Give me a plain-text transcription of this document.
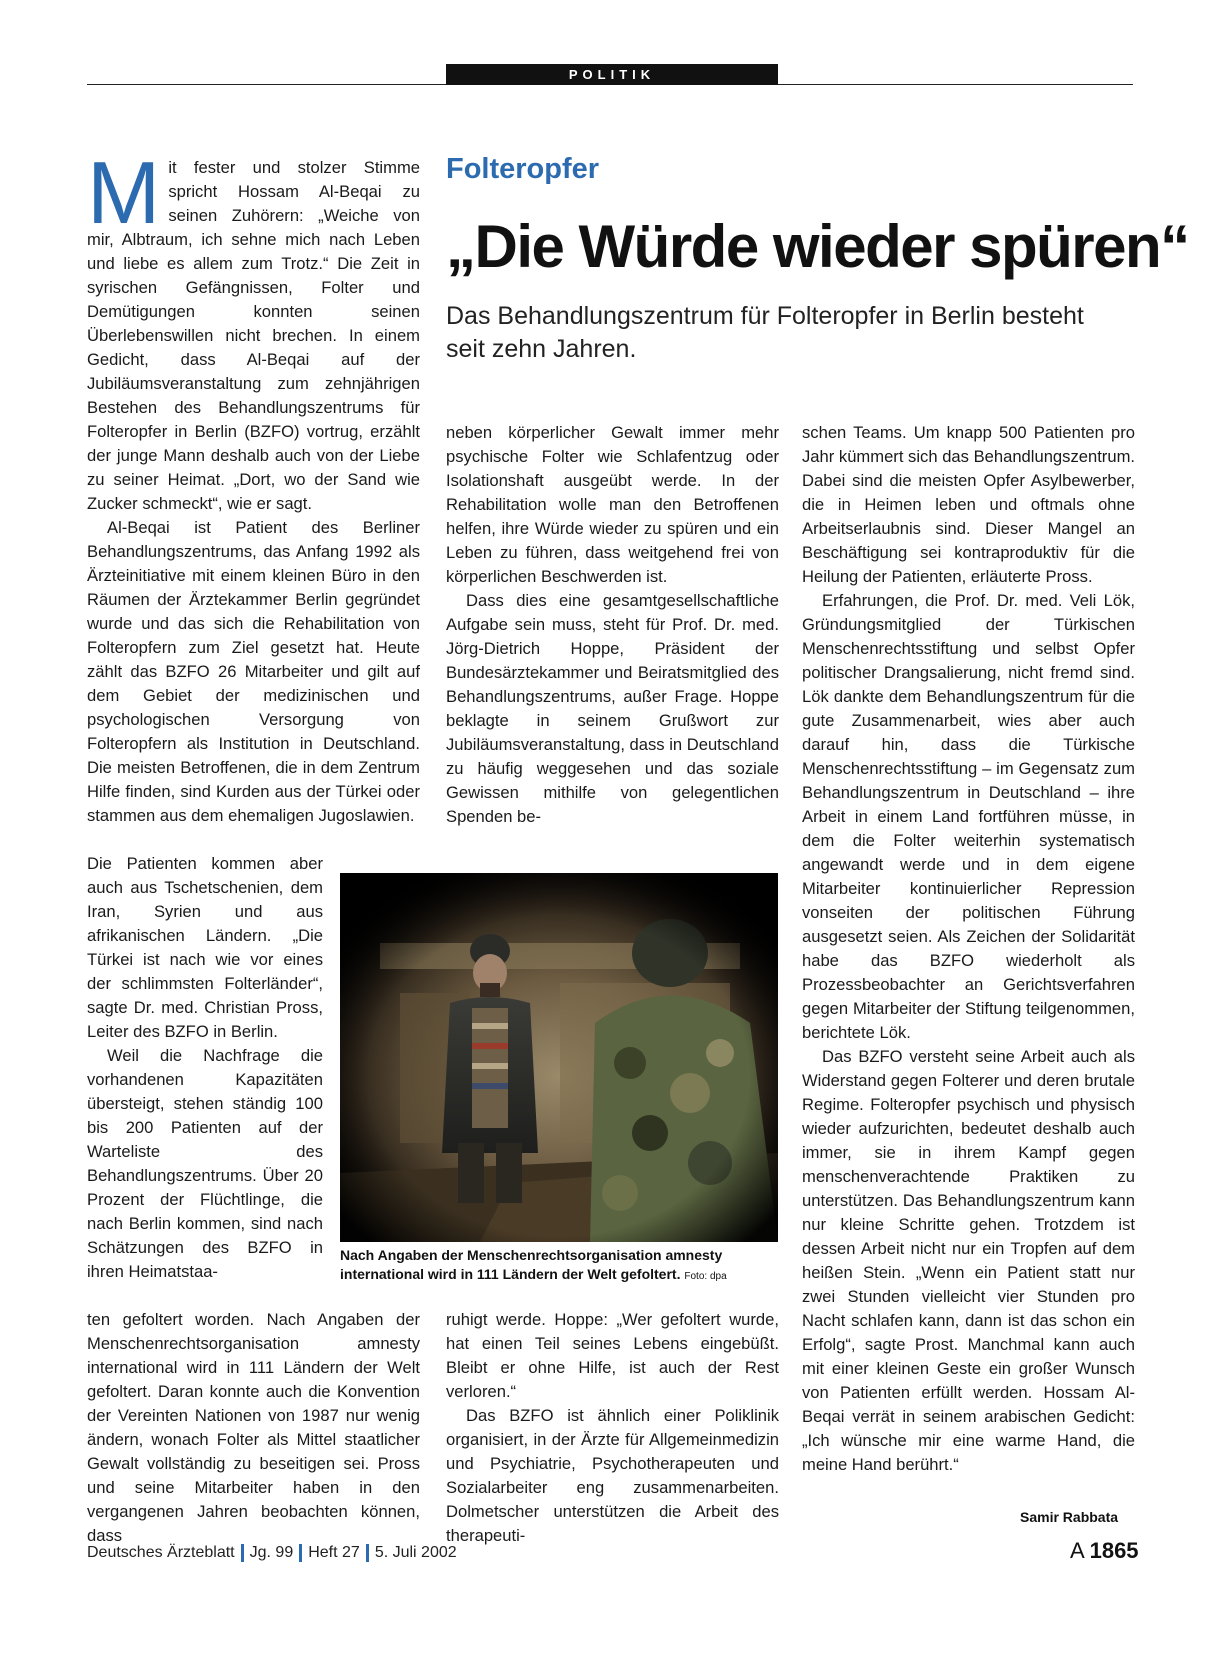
POLITIK
Folteropfer
„Die Würde wieder spüren“
Das Behandlungszentrum für Folteropfer in Berlin besteht seit zehn Jahren.

Mit fester und stolzer Stimme spricht Hossam Al-Beqai zu seinen Zuhörern: „Weiche von mir, Albtraum, ich sehne mich nach Leben und liebe es allem zum Trotz.“ Die Zeit in syrischen Gefängnissen, Folter und Demütigungen konnten seinen Überlebenswillen nicht brechen. In einem Gedicht, dass Al-Beqai auf der Jubiläumsveranstaltung zum zehnjährigen Bestehen des Behandlungszentrums für Folteropfer in Berlin (BZFO) vortrug, erzählt der junge Mann deshalb auch von der Liebe zu seiner Heimat. „Dort, wo der Sand wie Zucker schmeckt“, wie er sagt.

Al-Beqai ist Patient des Berliner Behandlungszentrums, das Anfang 1992 als Ärzteinitiative mit einem kleinen Büro in den Räumen der Ärztekammer Berlin gegründet wurde und das sich die Rehabilitation von Folteropfern zum Ziel gesetzt hat. Heute zählt das BZFO 26 Mitarbeiter und gilt auf dem Gebiet der medizinischen und psychologischen Versorgung von Folteropfern als Institution in Deutschland. Die meisten Betroffenen, die in dem Zentrum Hilfe finden, sind Kurden aus der Türkei oder stammen aus dem ehemaligen Jugoslawien.

Die Patienten kommen aber auch aus Tschetschenien, dem Iran, Syrien und aus afrikanischen Ländern. „Die Türkei ist nach wie vor eines der schlimmsten Folterländer“, sagte Dr. med. Christian Pross, Leiter des BZFO in Berlin.

Weil die Nachfrage die vorhandenen Kapazitäten übersteigt, stehen ständig 100 bis 200 Patienten auf der Warteliste des Behandlungszentrums. Über 20 Prozent der Flüchtlinge, die nach Berlin kommen, sind nach Schätzungen des BZFO in ihren Heimatstaa-

ten gefoltert worden. Nach Angaben der Menschenrechtsorganisation amnesty international wird in 111 Ländern der Welt gefoltert. Daran konnte auch die Konvention der Vereinten Nationen von 1987 nur wenig ändern, wonach Folter als Mittel staatlicher Gewalt vollständig zu beseitigen sei. Pross und seine Mitarbeiter haben in den vergangenen Jahren beobachten können, dass

neben körperlicher Gewalt immer mehr psychische Folter wie Schlafentzug oder Isolationshaft ausgeübt werde. In der Rehabilitation wolle man den Betroffenen helfen, ihre Würde wieder zu spüren und ein Leben zu führen, dass weitgehend frei von körperlichen Beschwerden ist.

Dass dies eine gesamtgesellschaftliche Aufgabe sein muss, steht für Prof. Dr. med. Jörg-Dietrich Hoppe, Präsident der Bundesärztekammer und Beiratsmitglied des Behandlungszentrums, außer Frage. Hoppe beklagte in seinem Grußwort zur Jubiläumsveranstaltung, dass in Deutschland zu häufig weggesehen und das soziale Gewissen mithilfe von gelegentlichen Spenden be-

ruhigt werde. Hoppe: „Wer gefoltert wurde, hat einen Teil seines Lebens eingebüßt. Bleibt er ohne Hilfe, ist auch der Rest verloren.“

Das BZFO ist ähnlich einer Poliklinik organisiert, in der Ärzte für Allgemeinmedizin und Psychiatrie, Psychotherapeuten und Sozialarbeiter eng zusammenarbeiten. Dolmetscher unterstützen die Arbeit des therapeuti-

schen Teams. Um knapp 500 Patienten pro Jahr kümmert sich das Behandlungszentrum. Dabei sind die meisten Opfer Asylbewerber, die in Heimen leben und oftmals ohne Arbeitserlaubnis sind. Dieser Mangel an Beschäftigung sei kontraproduktiv für die Heilung der Patienten, erläuterte Pross.

Erfahrungen, die Prof. Dr. med. Veli Lök, Gründungsmitglied der Türkischen Menschenrechtsstiftung und selbst Opfer politischer Drangsalierung, nicht fremd sind. Lök dankte dem Behandlungszentrum für die gute Zusammenarbeit, wies aber auch darauf hin, dass die Türkische Menschenrechtsstiftung – im Gegensatz zum Behandlungszentrum in Deutschland – ihre Arbeit in einem Land fortführen müsse, in dem die Folter weiterhin systematisch angewandt werde und in dem eigene Mitarbeiter kontinuierlicher Repression vonseiten der politischen Führung ausgesetzt seien. Als Zeichen der Solidarität habe das BZFO wiederholt als Prozessbeobachter an Gerichtsverfahren gegen Mitarbeiter der Stiftung teilgenommen, berichtete Lök.

Das BZFO versteht seine Arbeit auch als Widerstand gegen Folterer und deren brutale Regime. Folteropfer psychisch und physisch wieder aufzurichten, bedeutet deshalb auch immer, sie in ihrem Kampf gegen menschenverachtende Praktiken zu unterstützen. Das Behandlungszentrum kann nur kleine Schritte gehen. Trotzdem ist dessen Arbeit nicht nur ein Tropfen auf dem heißen Stein. „Wenn ein Patient statt nur zwei Stunden vielleicht vier Stunden pro Nacht schlafen kann, dann ist das schon ein Erfolg“, sagte Prost. Manchmal kann auch mit einer kleinen Geste ein großer Wunsch von Patienten erfüllt werden. Hossam Al-Beqai verrät in seinem arabischen Gedicht: „Ich wünsche mir eine warme Hand, die meine Hand berührt.“

Nach Angaben der Menschenrechtsorganisation amnesty international wird in 111 Ländern der Welt gefoltert. Foto: dpa
Samir Rabbata
Deutsches Ärzteblatt Jg. 99 Heft 27 5. Juli 2002	A 1865
